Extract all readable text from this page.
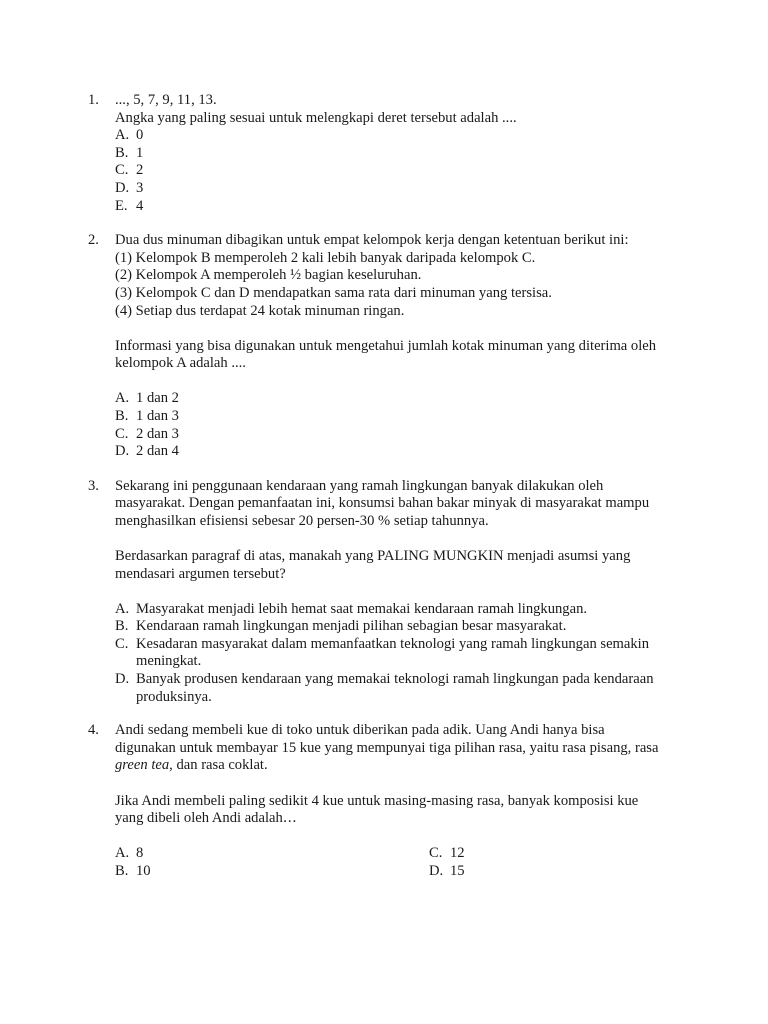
1. ..., 5, 7, 9, 11, 13.
Angka yang paling sesuai untuk melengkapi deret tersebut adalah ....
A. 0
B. 1
C. 2
D. 3
E. 4
2. Dua dus minuman dibagikan untuk empat kelompok kerja dengan ketentuan berikut ini:
(1) Kelompok B memperoleh 2 kali lebih banyak daripada kelompok C.
(2) Kelompok A memperoleh ½ bagian keseluruhan.
(3) Kelompok C dan D mendapatkan sama rata dari minuman yang tersisa.
(4) Setiap dus terdapat 24 kotak minuman ringan.
Informasi yang bisa digunakan untuk mengetahui jumlah kotak minuman yang diterima oleh
kelompok A adalah ....
A. 1 dan 2
B. 1 dan 3
C. 2 dan 3
D. 2 dan 4
3. Sekarang ini penggunaan kendaraan yang ramah lingkungan banyak dilakukan oleh
masyarakat. Dengan pemanfaatan ini, konsumsi bahan bakar minyak di masyarakat mampu
menghasilkan efisiensi sebesar 20 persen-30 % setiap tahunnya.
Berdasarkan paragraf di atas, manakah yang PALING MUNGKIN menjadi asumsi yang
mendasari argumen tersebut?
A. Masyarakat menjadi lebih hemat saat memakai kendaraan ramah lingkungan.
B. Kendaraan ramah lingkungan menjadi pilihan sebagian besar masyarakat.
C. Kesadaran masyarakat dalam memanfaatkan teknologi yang ramah lingkungan semakin
meningkat.
D. Banyak produsen kendaraan yang memakai teknologi ramah lingkungan pada kendaraan
produksinya.
4. Andi sedang membeli kue di toko untuk diberikan pada adik. Uang Andi hanya bisa
digunakan untuk membayar 15 kue yang mempunyai tiga pilihan rasa, yaitu rasa pisang, rasa
green tea, dan rasa coklat.
Jika Andi membeli paling sedikit 4 kue untuk masing-masing rasa, banyak komposisi kue
yang dibeli oleh Andi adalah…
A. 8
B. 10
C. 12
D. 15
